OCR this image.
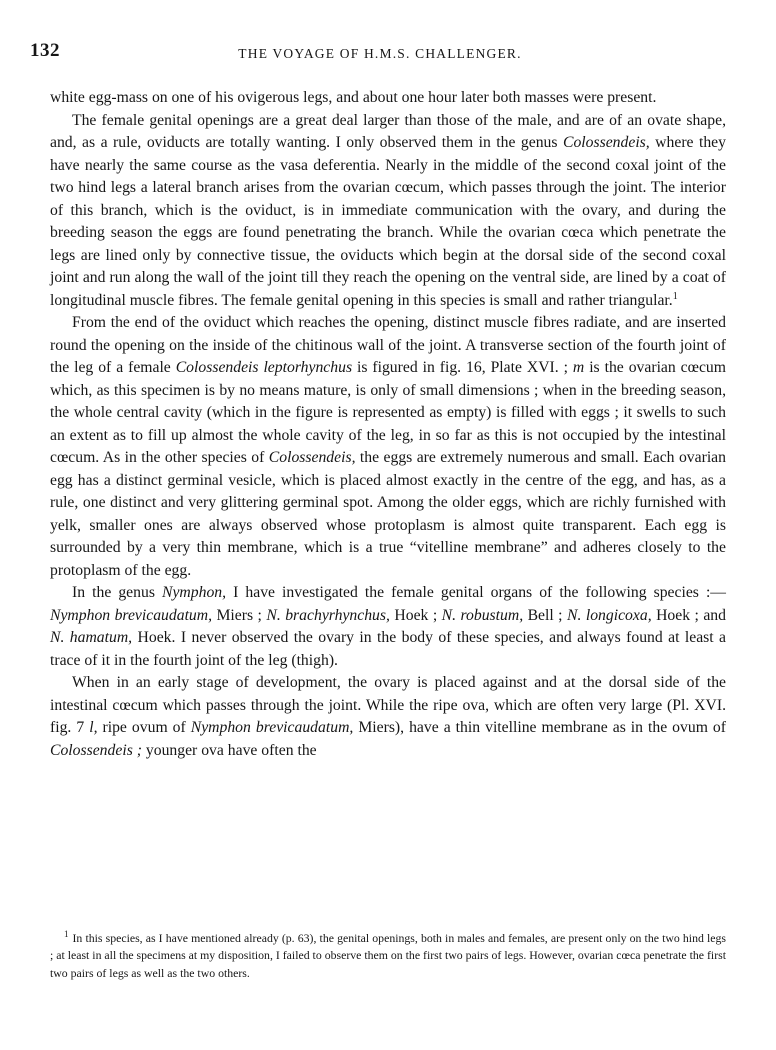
132	THE VOYAGE OF H.M.S. CHALLENGER.

white egg-mass on one of his ovigerous legs, and about one hour later both masses were present.

The female genital openings are a great deal larger than those of the male, and are of an ovate shape, and, as a rule, oviducts are totally wanting. I only observed them in the genus Colossendeis, where they have nearly the same course as the vasa deferentia. Nearly in the middle of the second coxal joint of the two hind legs a lateral branch arises from the ovarian cœcum, which passes through the joint. The interior of this branch, which is the oviduct, is in immediate communication with the ovary, and during the breeding season the eggs are found penetrating the branch. While the ovarian cœca which penetrate the legs are lined only by connective tissue, the oviducts which begin at the dorsal side of the second coxal joint and run along the wall of the joint till they reach the opening on the ventral side, are lined by a coat of longitudinal muscle fibres. The female genital opening in this species is small and rather triangular.$^1$

From the end of the oviduct which reaches the opening, distinct muscle fibres radiate, and are inserted round the opening on the inside of the chitinous wall of the joint. A transverse section of the fourth joint of the leg of a female Colossendeis leptorhynchus is figured in fig. 16, Plate XVI. ; m is the ovarian cœcum which, as this specimen is by no means mature, is only of small dimensions ; when in the breeding season, the whole central cavity (which in the figure is represented as empty) is filled with eggs ; it swells to such an extent as to fill up almost the whole cavity of the leg, in so far as this is not occupied by the intestinal cœcum. As in the other species of Colossendeis, the eggs are extremely numerous and small. Each ovarian egg has a distinct germinal vesicle, which is placed almost exactly in the centre of the egg, and has, as a rule, one distinct and very glittering germinal spot. Among the older eggs, which are richly furnished with yelk, smaller ones are always observed whose protoplasm is almost quite transparent. Each egg is surrounded by a very thin membrane, which is a true “vitelline membrane” and adheres closely to the protoplasm of the egg.

In the genus Nymphon, I have investigated the female genital organs of the following species :—Nymphon brevicaudatum, Miers ; N. brachyrhynchus, Hoek ; N. robustum, Bell ; N. longicoxa, Hoek ; and N. hamatum, Hoek. I never observed the ovary in the body of these species, and always found at least a trace of it in the fourth joint of the leg (thigh).

When in an early stage of development, the ovary is placed against and at the dorsal side of the intestinal cœcum which passes through the joint. While the ripe ova, which are often very large (Pl. XVI. fig. 7 l, ripe ovum of Nymphon brevicaudatum, Miers), have a thin vitelline membrane as in the ovum of Colossendeis ; younger ova have often the

$^1$ In this species, as I have mentioned already (p. 63), the genital openings, both in males and females, are present only on the two hind legs ; at least in all the specimens at my disposition, I failed to observe them on the first two pairs of legs. However, ovarian cœca penetrate the first two pairs of legs as well as the two others.
